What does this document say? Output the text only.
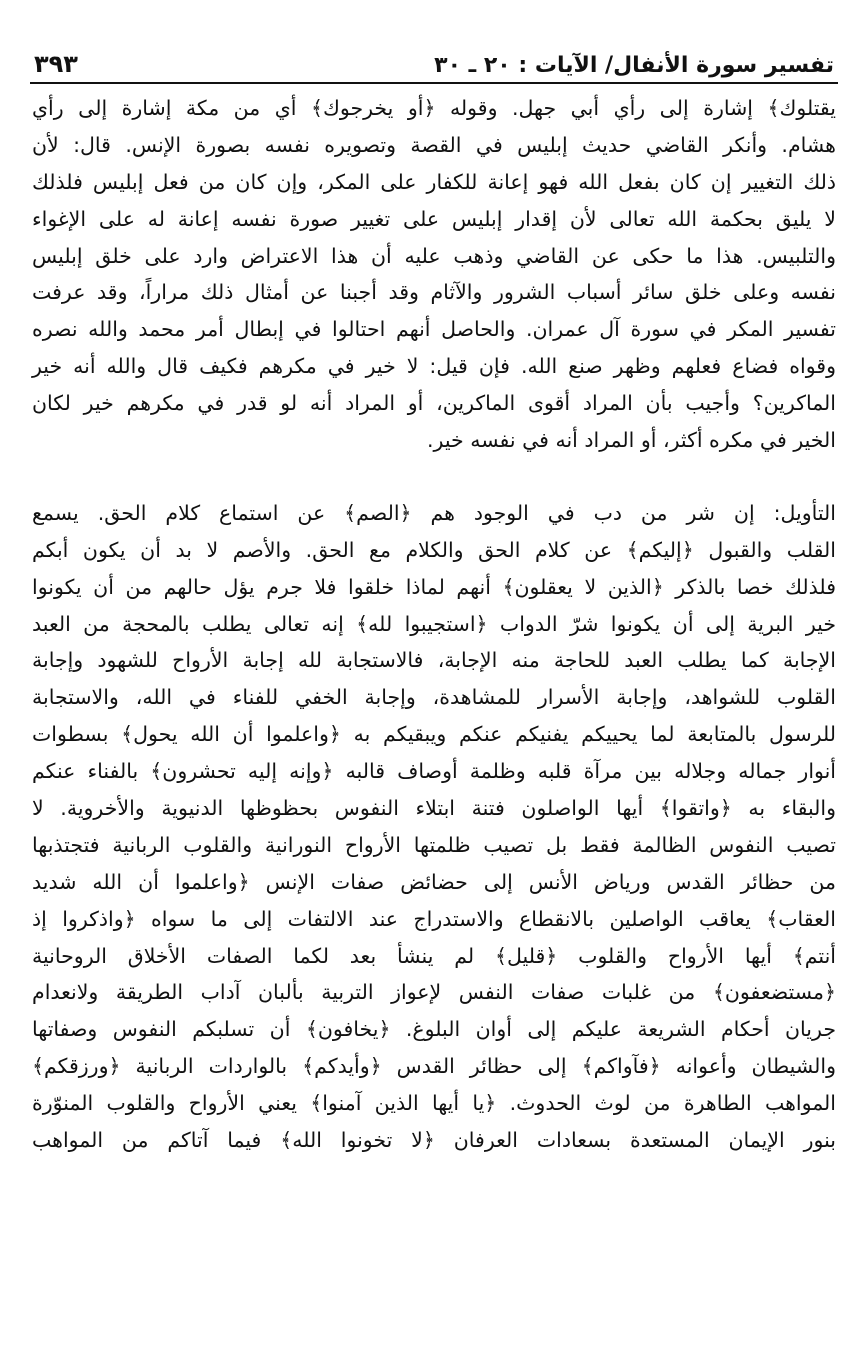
تفسير سورة الأنفال/ الآيات : ٢٠ ـ ٣٠
٣٩٣
يقتلوك﴾ إشارة إلى رأي أبي جهل. وقوله ﴿أو يخرجوك﴾ أي من مكة إشارة إلى رأي
هشام. وأنكر القاضي حديث إبليس في القصة وتصويره نفسه بصورة الإنس. قال: لأن
ذلك التغيير إن كان بفعل الله فهو إعانة للكفار على المكر، وإن كان من فعل إبليس فلذلك
لا يليق بحكمة الله تعالى لأن إقدار إبليس على تغيير صورة نفسه إعانة له على الإغواء
والتلبيس. هذا ما حكى عن القاضي وذهب عليه أن هذا الاعتراض وارد على خلق إبليس
نفسه وعلى خلق سائر أسباب الشرور والآثام وقد أجبنا عن أمثال ذلك مراراً، وقد عرفت
تفسير المكر في سورة آل عمران. والحاصل أنهم احتالوا في إبطال أمر محمد والله نصره
وقواه فضاع فعلهم وظهر صنع الله. فإن قيل: لا خير في مكرهم فكيف قال والله أنه خير
الماكرين؟ وأجيب بأن المراد أقوى الماكرين، أو المراد أنه لو قدر في مكرهم خير لكان
الخير في مكره أكثر، أو المراد أنه في نفسه خير.
التأويل: إن شر من دب في الوجود هم ﴿الصم﴾ عن استماع كلام الحق. يسمع
القلب والقبول ﴿إليكم﴾ عن كلام الحق والكلام مع الحق. والأصم لا بد أن يكون أبكم
فلذلك خصا بالذكر ﴿الذين لا يعقلون﴾ أنهم لماذا خلقوا فلا جرم يؤل حالهم من أن يكونوا
خير البرية إلى أن يكونوا شرّ الدواب ﴿استجيبوا لله﴾ إنه تعالى يطلب بالمحجة من العبد
الإجابة كما يطلب العبد للحاجة منه الإجابة، فالاستجابة لله إجابة الأرواح للشهود وإجابة
القلوب للشواهد، وإجابة الأسرار للمشاهدة، وإجابة الخفي للفناء في الله، والاستجابة
للرسول بالمتابعة لما يحييكم يفنيكم عنكم ويبقيكم به ﴿واعلموا أن الله يحول﴾ بسطوات
أنوار جماله وجلاله بين مرآة قلبه وظلمة أوصاف قالبه ﴿وإنه إليه تحشرون﴾ بالفناء عنكم
والبقاء به ﴿واتقوا﴾ أيها الواصلون فتنة ابتلاء النفوس بحظوظها الدنيوية والأخروية. لا
تصيب النفوس الظالمة فقط بل تصيب ظلمتها الأرواح النورانية والقلوب الربانية فتجتذبها
من حظائر القدس ورياض الأنس إلى حضائض صفات الإنس ﴿واعلموا أن الله شديد
العقاب﴾ يعاقب الواصلين بالانقطاع والاستدراج عند الالتفات إلى ما سواه ﴿واذكروا إذ
أنتم﴾ أيها الأرواح والقلوب ﴿قليل﴾ لم ينشأ بعد لكما الصفات الأخلاق الروحانية
﴿مستضعفون﴾ من غلبات صفات النفس لإعواز التربية بألبان آداب الطريقة ولانعدام
جريان أحكام الشريعة عليكم إلى أوان البلوغ. ﴿يخافون﴾ أن تسلبكم النفوس وصفاتها
والشيطان وأعوانه ﴿فآواكم﴾ إلى حظائر القدس ﴿وأيدكم﴾ بالواردات الربانية ﴿ورزقكم﴾
المواهب الطاهرة من لوث الحدوث. ﴿يا أيها الذين آمنوا﴾ يعني الأرواح والقلوب المنوّرة
بنور الإيمان المستعدة بسعادات العرفان ﴿لا تخونوا الله﴾ فيما آتاكم من المواهب
